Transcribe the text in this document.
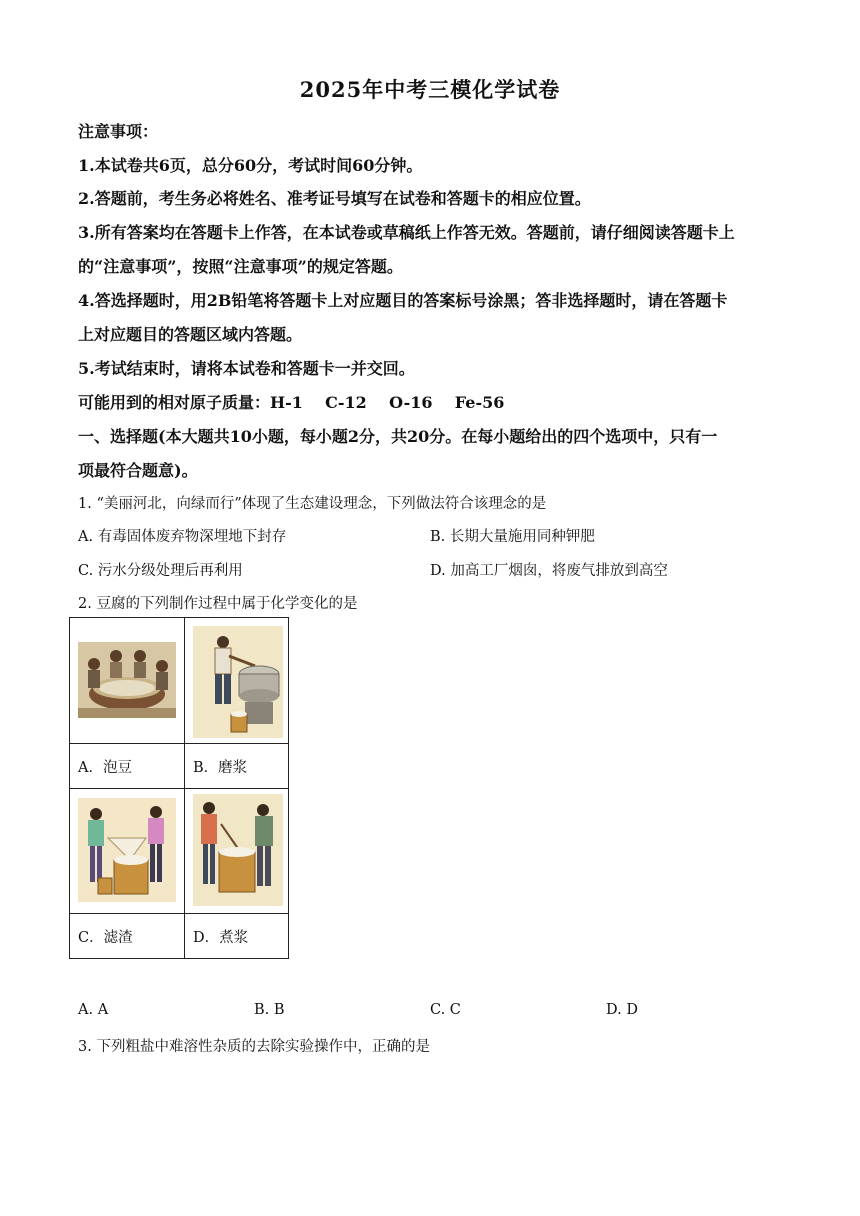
2025年中考三模化学试卷
注意事项：
1.本试卷共6页，总分60分，考试时间60分钟。
2.答题前，考生务必将姓名、准考证号填写在试卷和答题卡的相应位置。
3.所有答案均在答题卡上作答，在本试卷或草稿纸上作答无效。答题前，请仔细阅读答题卡上
的“注意事项”，按照“注意事项”的规定答题。
4.答选择题时，用2B铅笔将答题卡上对应题目的答案标号涂黑；答非选择题时，请在答题卡
上对应题目的答题区域内答题。
5.考试结束时，请将本试卷和答题卡一并交回。
可能用到的相对原子质量：H-1    C-12    O-16    Fe-56
一、选择题(本大题共10小题，每小题2分，共20分。在每小题给出的四个选项中，只有一
项最符合题意)。
1. “美丽河北，向绿而行”体现了生态建设理念，下列做法符合该理念的是
A. 有毒固体废弃物深埋地下封存	B. 长期大量施用同种钾肥
C. 污水分级处理后再利用	D. 加高工厂烟囱，将废气排放到高空
2. 豆腐的下列制作过程中属于化学变化的是
A．泡豆	B．磨浆
C．滤渣	D．煮浆
A. A	B. B	C. C	D. D
3. 下列粗盐中难溶性杂质的去除实验操作中，正确的是
